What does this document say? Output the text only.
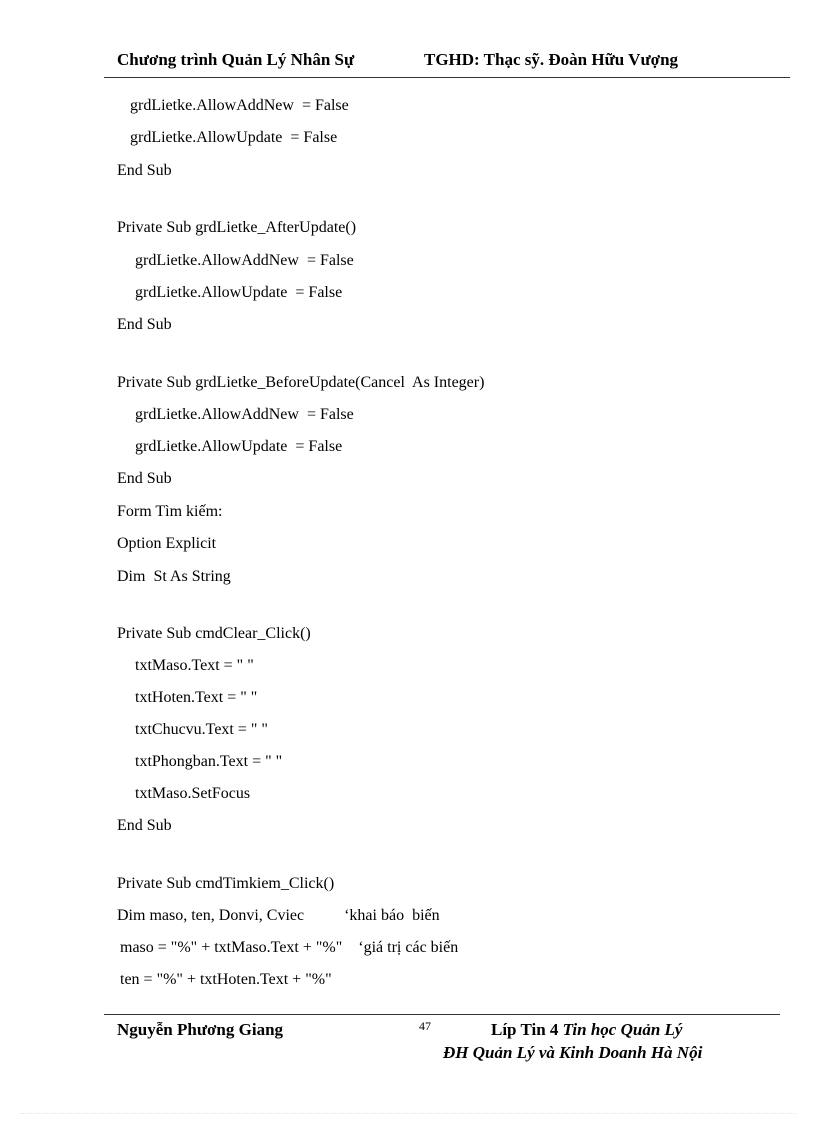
Chương trình Quản Lý Nhân Sự	TGHD: Thạc sỹ. Đoàn Hữu Vượng
grdLietke.AllowAddNew  = False
grdLietke.AllowUpdate  = False
End Sub
Private Sub grdLietke_AfterUpdate()
grdLietke.AllowAddNew  = False
grdLietke.AllowUpdate  = False
End Sub
Private Sub grdLietke_BeforeUpdate(Cancel  As Integer)
grdLietke.AllowAddNew  = False
grdLietke.AllowUpdate  = False
End Sub
Form Tìm kiếm:
Option Explicit
Dim  St As String
Private Sub cmdClear_Click()
txtMaso.Text = " "
txtHoten.Text = " "
txtChucvu.Text = " "
txtPhongban.Text = " "
txtMaso.SetFocus
End Sub
Private Sub cmdTimkiem_Click()
Dim maso, ten, Donvi, Cviec          ‘khai báo  biến
maso = "%" + txtMaso.Text + "%"    ‘giá trị các biến
ten = "%" + txtHoten.Text + "%"
Nguyễn Phương Giang	47	Líp Tin 4 Tin học Quản Lý
ĐH Quản Lý và Kinh Doanh Hà Nội
